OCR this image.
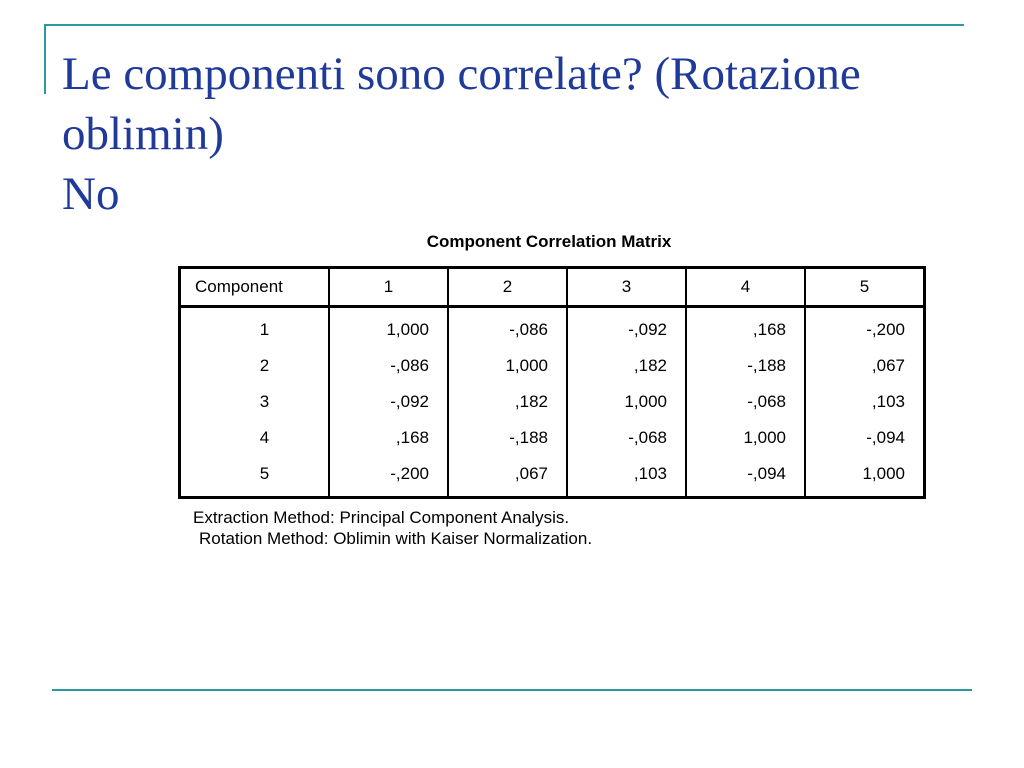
Le componenti sono correlate? (Rotazione
oblimin)
No
Component Correlation Matrix
Component	1	2	3	4	5
1	1,000	-,086	-,092	,168	-,200
2	-,086	1,000	,182	-,188	,067
3	-,092	,182	1,000	-,068	,103
4	,168	-,188	-,068	1,000	-,094
5	-,200	,067	,103	-,094	1,000
Extraction Method: Principal Component Analysis.
Rotation Method: Oblimin with Kaiser Normalization.
